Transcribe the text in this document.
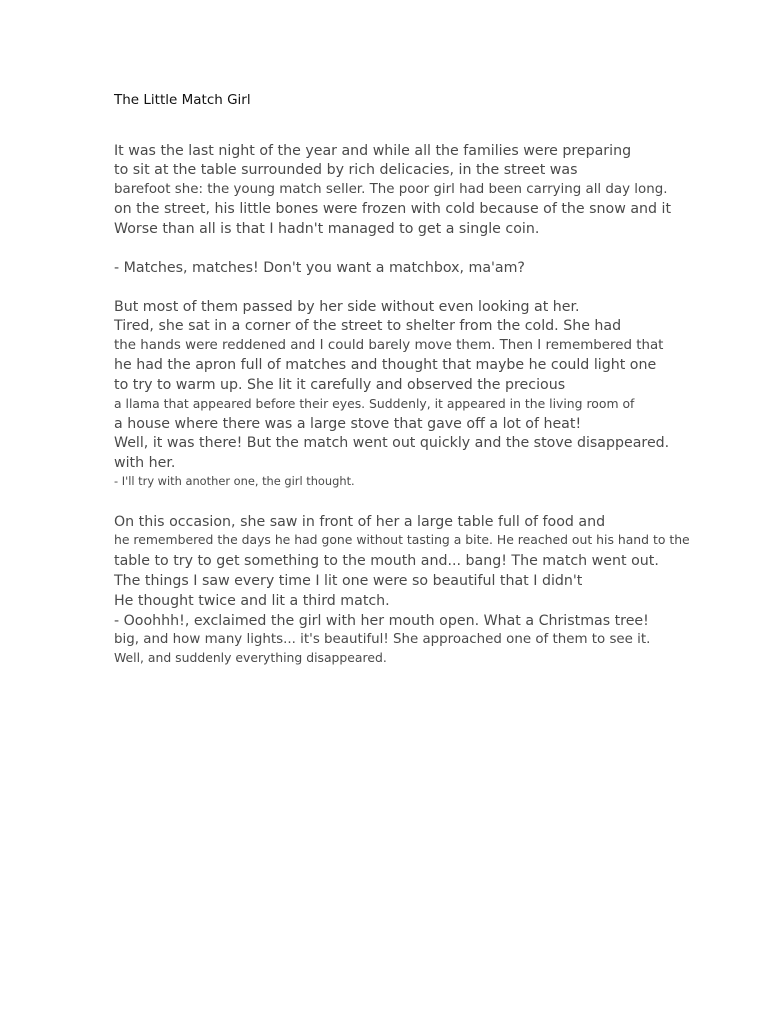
The Little Match Girl
It was the last night of the year and while all the families were preparing
to sit at the table surrounded by rich delicacies, in the street was
barefoot she: the young match seller. The poor girl had been carrying all day long.
on the street, his little bones were frozen with cold because of the snow and it
Worse than all is that I hadn't managed to get a single coin.
- Matches, matches! Don't you want a matchbox, ma'am?
But most of them passed by her side without even looking at her.
Tired, she sat in a corner of the street to shelter from the cold. She had
the hands were reddened and I could barely move them. Then I remembered that
he had the apron full of matches and thought that maybe he could light one
to try to warm up. She lit it carefully and observed the precious
a llama that appeared before their eyes. Suddenly, it appeared in the living room of
a house where there was a large stove that gave off a lot of heat!
Well, it was there! But the match went out quickly and the stove disappeared.
with her.
- I'll try with another one, the girl thought.
On this occasion, she saw in front of her a large table full of food and
he remembered the days he had gone without tasting a bite. He reached out his hand to the
table to try to get something to the mouth and... bang! The match went out.
The things I saw every time I lit one were so beautiful that I didn't
He thought twice and lit a third match.
- Ooohhh!, exclaimed the girl with her mouth open. What a Christmas tree!
big, and how many lights... it's beautiful! She approached one of them to see it.
Well, and suddenly everything disappeared.
